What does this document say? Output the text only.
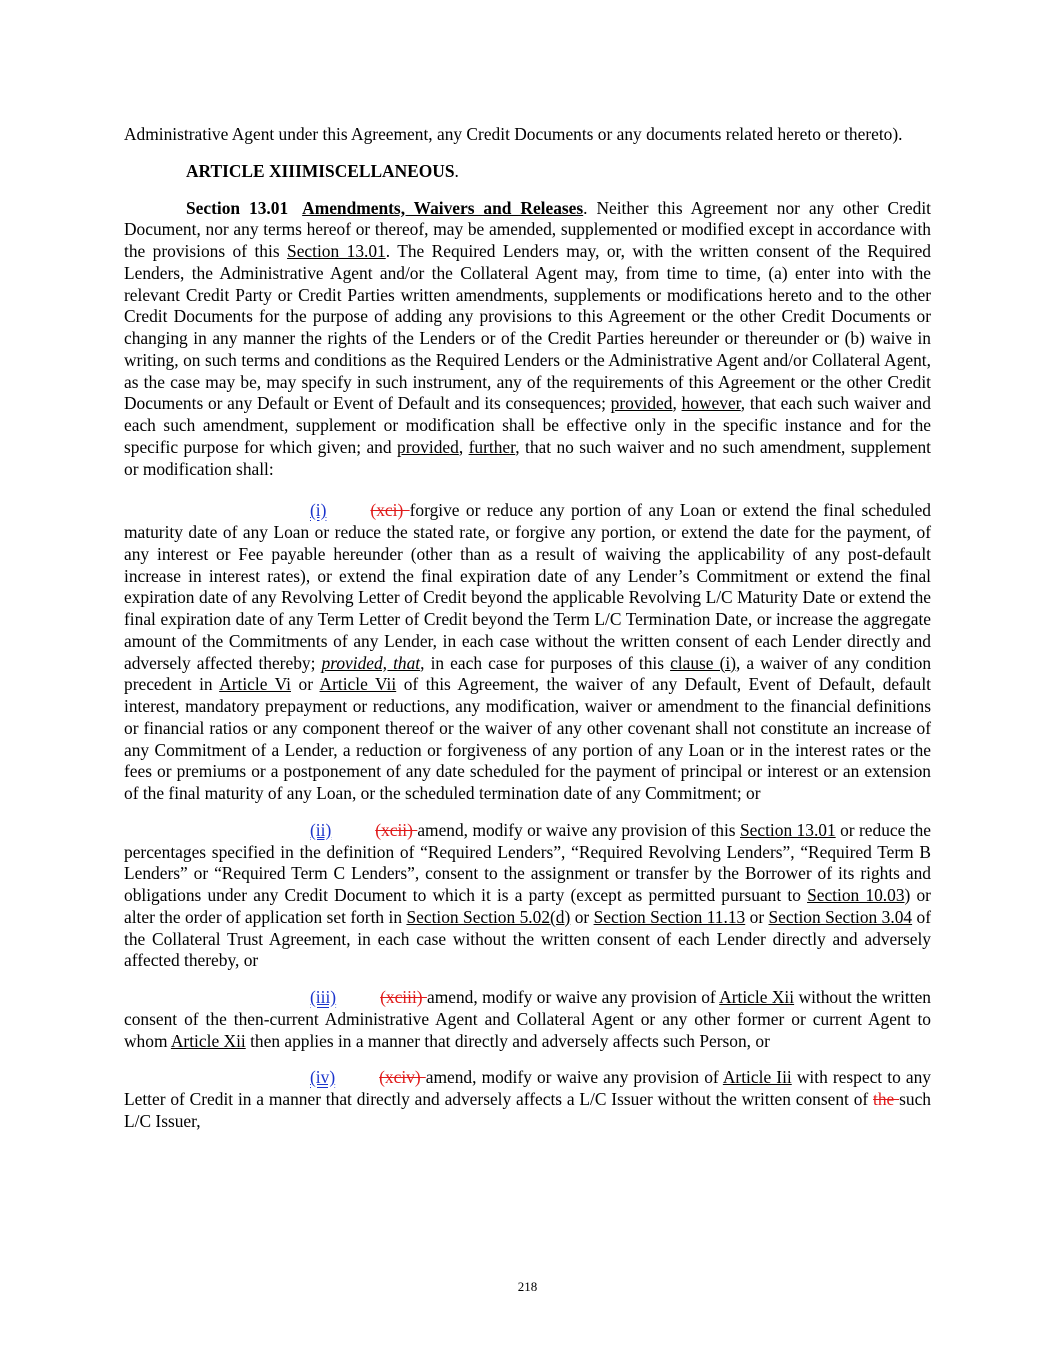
Administrative Agent under this Agreement, any Credit Documents or any documents related hereto or thereto).

ARTICLE XIIIMISCELLANEOUS.

Section 13.01 Amendments, Waivers and Releases. Neither this Agreement nor any other Credit Document, nor any terms hereof or thereof, may be amended, supplemented or modified except in accordance with the provisions of this Section 13.01. The Required Lenders may, or, with the written consent of the Required Lenders, the Administrative Agent and/or the Collateral Agent may, from time to time, (a) enter into with the relevant Credit Party or Credit Parties written amendments, supplements or modifications hereto and to the other Credit Documents for the purpose of adding any provisions to this Agreement or the other Credit Documents or changing in any manner the rights of the Lenders or of the Credit Parties hereunder or thereunder or (b) waive in writing, on such terms and conditions as the Required Lenders or the Administrative Agent and/or Collateral Agent, as the case may be, may specify in such instrument, any of the requirements of this Agreement or the other Credit Documents or any Default or Event of Default and its consequences; provided, however, that each such waiver and each such amendment, supplement or modification shall be effective only in the specific instance and for the specific purpose for which given; and provided, further, that no such waiver and no such amendment, supplement or modification shall:

(i)	(xci) forgive or reduce any portion of any Loan or extend the final scheduled maturity date of any Loan or reduce the stated rate, or forgive any portion, or extend the date for the payment, of any interest or Fee payable hereunder (other than as a result of waiving the applicability of any post-default increase in interest rates), or extend the final expiration date of any Lender’s Commitment or extend the final expiration date of any Revolving Letter of Credit beyond the applicable Revolving L/C Maturity Date or extend the final expiration date of any Term Letter of Credit beyond the Term L/C Termination Date, or increase the aggregate amount of the Commitments of any Lender, in each case without the written consent of each Lender directly and adversely affected thereby; provided, that, in each case for purposes of this clause (i), a waiver of any condition precedent in Article Vi or Article Vii of this Agreement, the waiver of any Default, Event of Default, default interest, mandatory prepayment or reductions, any modification, waiver or amendment to the financial definitions or financial ratios or any component thereof or the waiver of any other covenant shall not constitute an increase of any Commitment of a Lender, a reduction or forgiveness of any portion of any Loan or in the interest rates or the fees or premiums or a postponement of any date scheduled for the payment of principal or interest or an extension of the final maturity of any Loan, or the scheduled termination date of any Commitment; or

(ii)	(xcii) amend, modify or waive any provision of this Section 13.01 or reduce the percentages specified in the definition of “Required Lenders”, “Required Revolving Lenders”, “Required Term B Lenders” or “Required Term C Lenders”, consent to the assignment or transfer by the Borrower of its rights and obligations under any Credit Document to which it is a party (except as permitted pursuant to Section 10.03) or alter the order of application set forth in Section Section 5.02(d) or Section Section 11.13 or Section Section 3.04 of the Collateral Trust Agreement, in each case without the written consent of each Lender directly and adversely affected thereby, or

(iii)	(xciii) amend, modify or waive any provision of Article Xii without the written consent of the then-current Administrative Agent and Collateral Agent or any other former or current Agent to whom Article Xii then applies in a manner that directly and adversely affects such Person, or

(iv)	(xciv) amend, modify or waive any provision of Article Iii with respect to any Letter of Credit in a manner that directly and adversely affects a L/C Issuer without the written consent of the such L/C Issuer,

218
